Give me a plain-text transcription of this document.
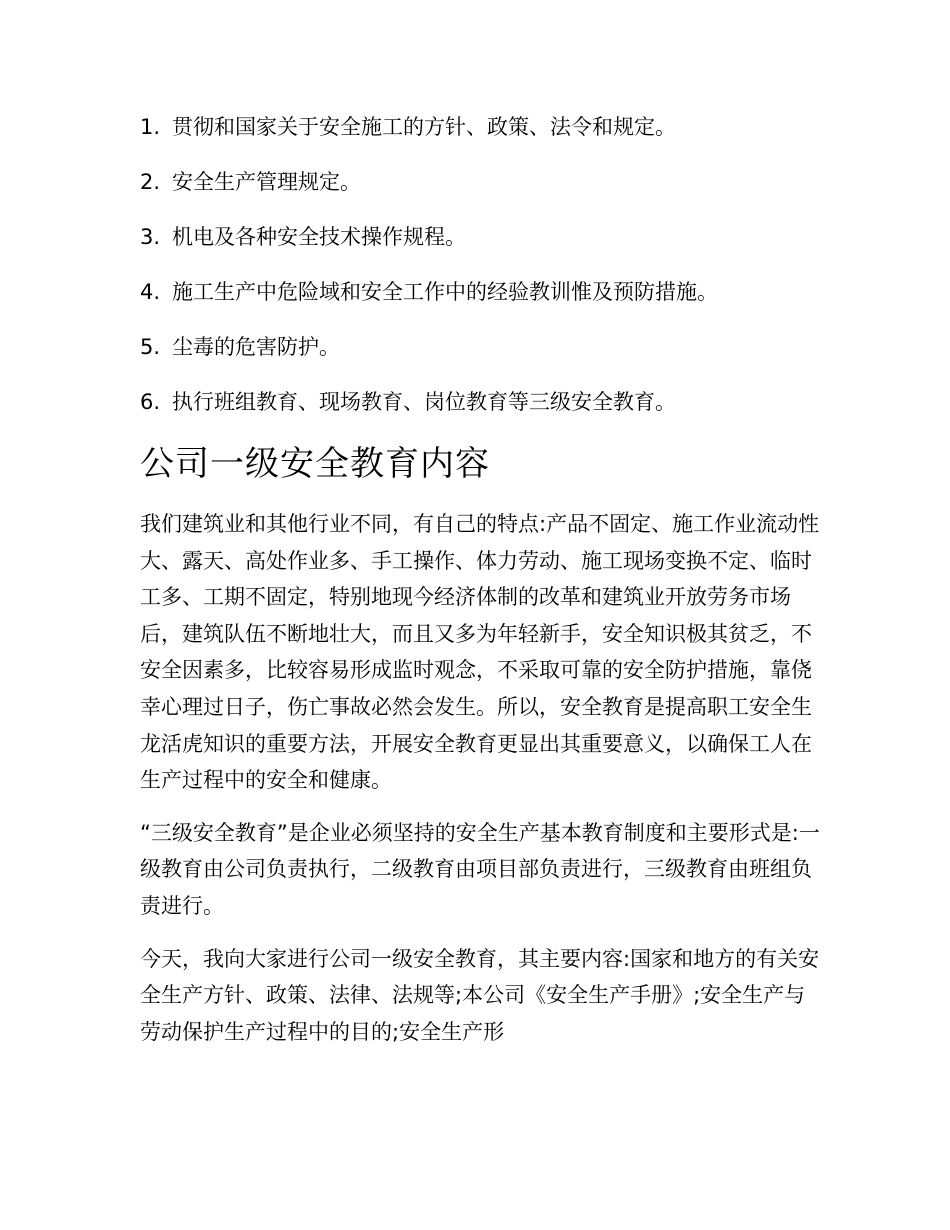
1. 贯彻和国家关于安全施工的方针、政策、法令和规定。
2. 安全生产管理规定。
3. 机电及各种安全技术操作规程。
4. 施工生产中危险域和安全工作中的经验教训惟及预防措施。
5. 尘毒的危害防护。
6. 执行班组教育、现场教育、岗位教育等三级安全教育。
公司一级安全教育内容

我们建筑业和其他行业不同，有自己的特点:产品不固定、施工作业流动性大、露天、高处作业多、手工操作、体力劳动、施工现场变换不定、临时工多、工期不固定，特别地现今经济体制的改革和建筑业开放劳务市场后，建筑队伍不断地壮大，而且又多为年轻新手，安全知识极其贫乏，不安全因素多，比较容易形成监时观念，不采取可靠的安全防护措施，靠侥幸心理过日子，伤亡事故必然会发生。所以，安全教育是提高职工安全生龙活虎知识的重要方法，开展安全教育更显出其重要意义，以确保工人在生产过程中的安全和健康。

“三级安全教育”是企业必须坚持的安全生产基本教育制度和主要形式是:一级教育由公司负责执行，二级教育由项目部负责进行，三级教育由班组负责进行。

今天，我向大家进行公司一级安全教育，其主要内容:国家和地方的有关安全生产方针、政策、法律、法规等;本公司《安全生产手册》;安全生产与劳动保护生产过程中的目的;安全生产形
